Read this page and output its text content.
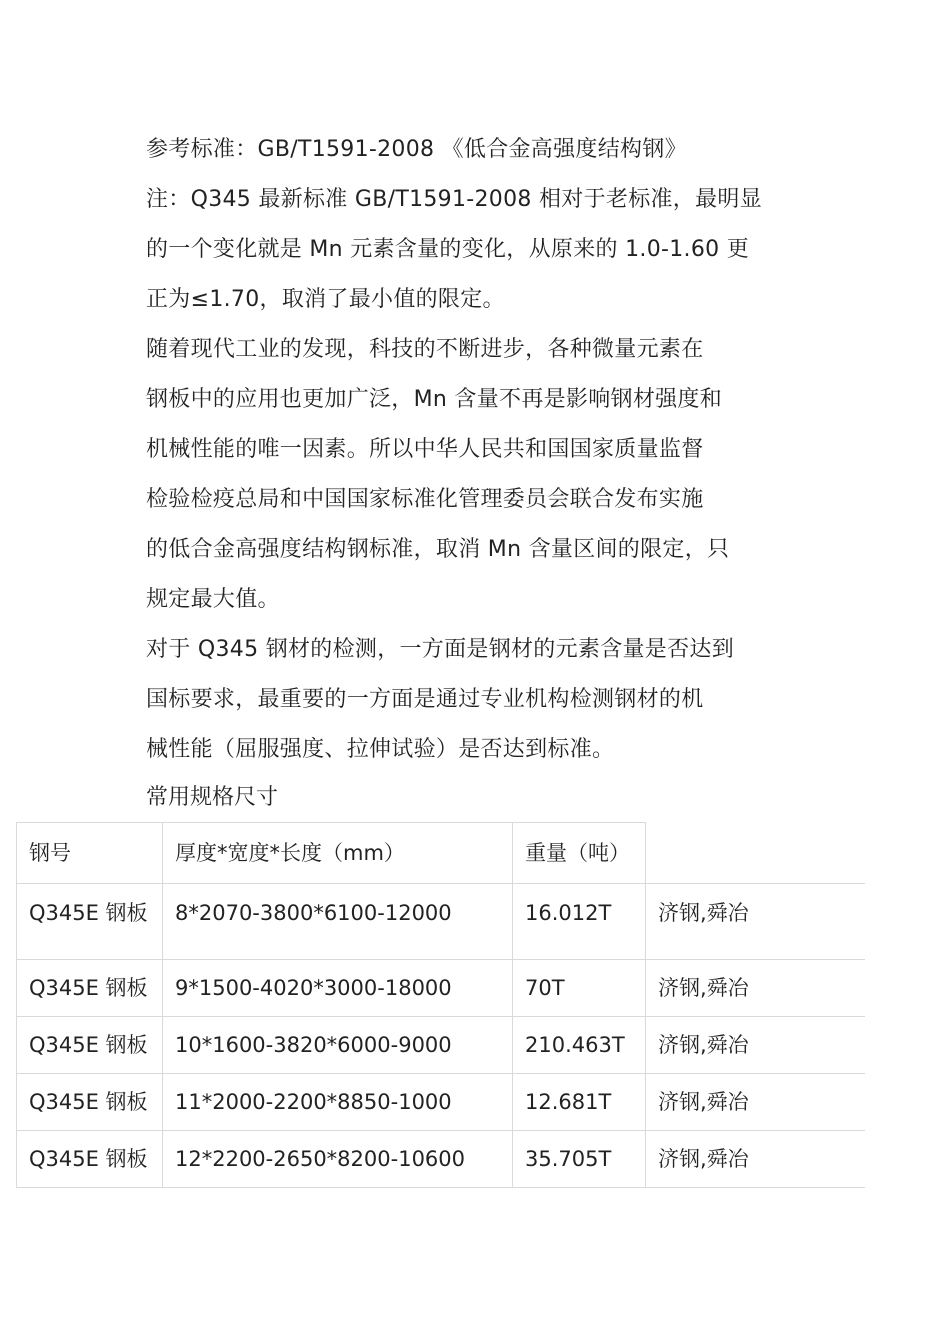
参考标准：GB/T1591-2008 《低合金高强度结构钢》
注：Q345 最新标准 GB/T1591-2008 相对于老标准，最明显
的一个变化就是 Mn 元素含量的变化，从原来的 1.0-1.60 更
正为≤1.70，取消了最小值的限定。
随着现代工业的发现，科技的不断进步，各种微量元素在
钢板中的应用也更加广泛，Mn 含量不再是影响钢材强度和
机械性能的唯一因素。所以中华人民共和国国家质量监督
检验检疫总局和中国国家标准化管理委员会联合发布实施
的低合金高强度结构钢标准，取消 Mn 含量区间的限定，只
规定最大值。
对于 Q345 钢材的检测，一方面是钢材的元素含量是否达到
国标要求，最重要的一方面是通过专业机构检测钢材的机
械性能（屈服强度、拉伸试验）是否达到标准。
常用规格尺寸
钢号	厚度*宽度*长度（mm）	重量（吨）	
Q345E 钢板	8*2070-3800*6100-12000	16.012T	济钢,舜冶
Q345E 钢板	9*1500-4020*3000-18000	70T	济钢,舜冶
Q345E 钢板	10*1600-3820*6000-9000	210.463T	济钢,舜冶
Q345E 钢板	11*2000-2200*8850-1000	12.681T	济钢,舜冶
Q345E 钢板	12*2200-2650*8200-10600	35.705T	济钢,舜冶
